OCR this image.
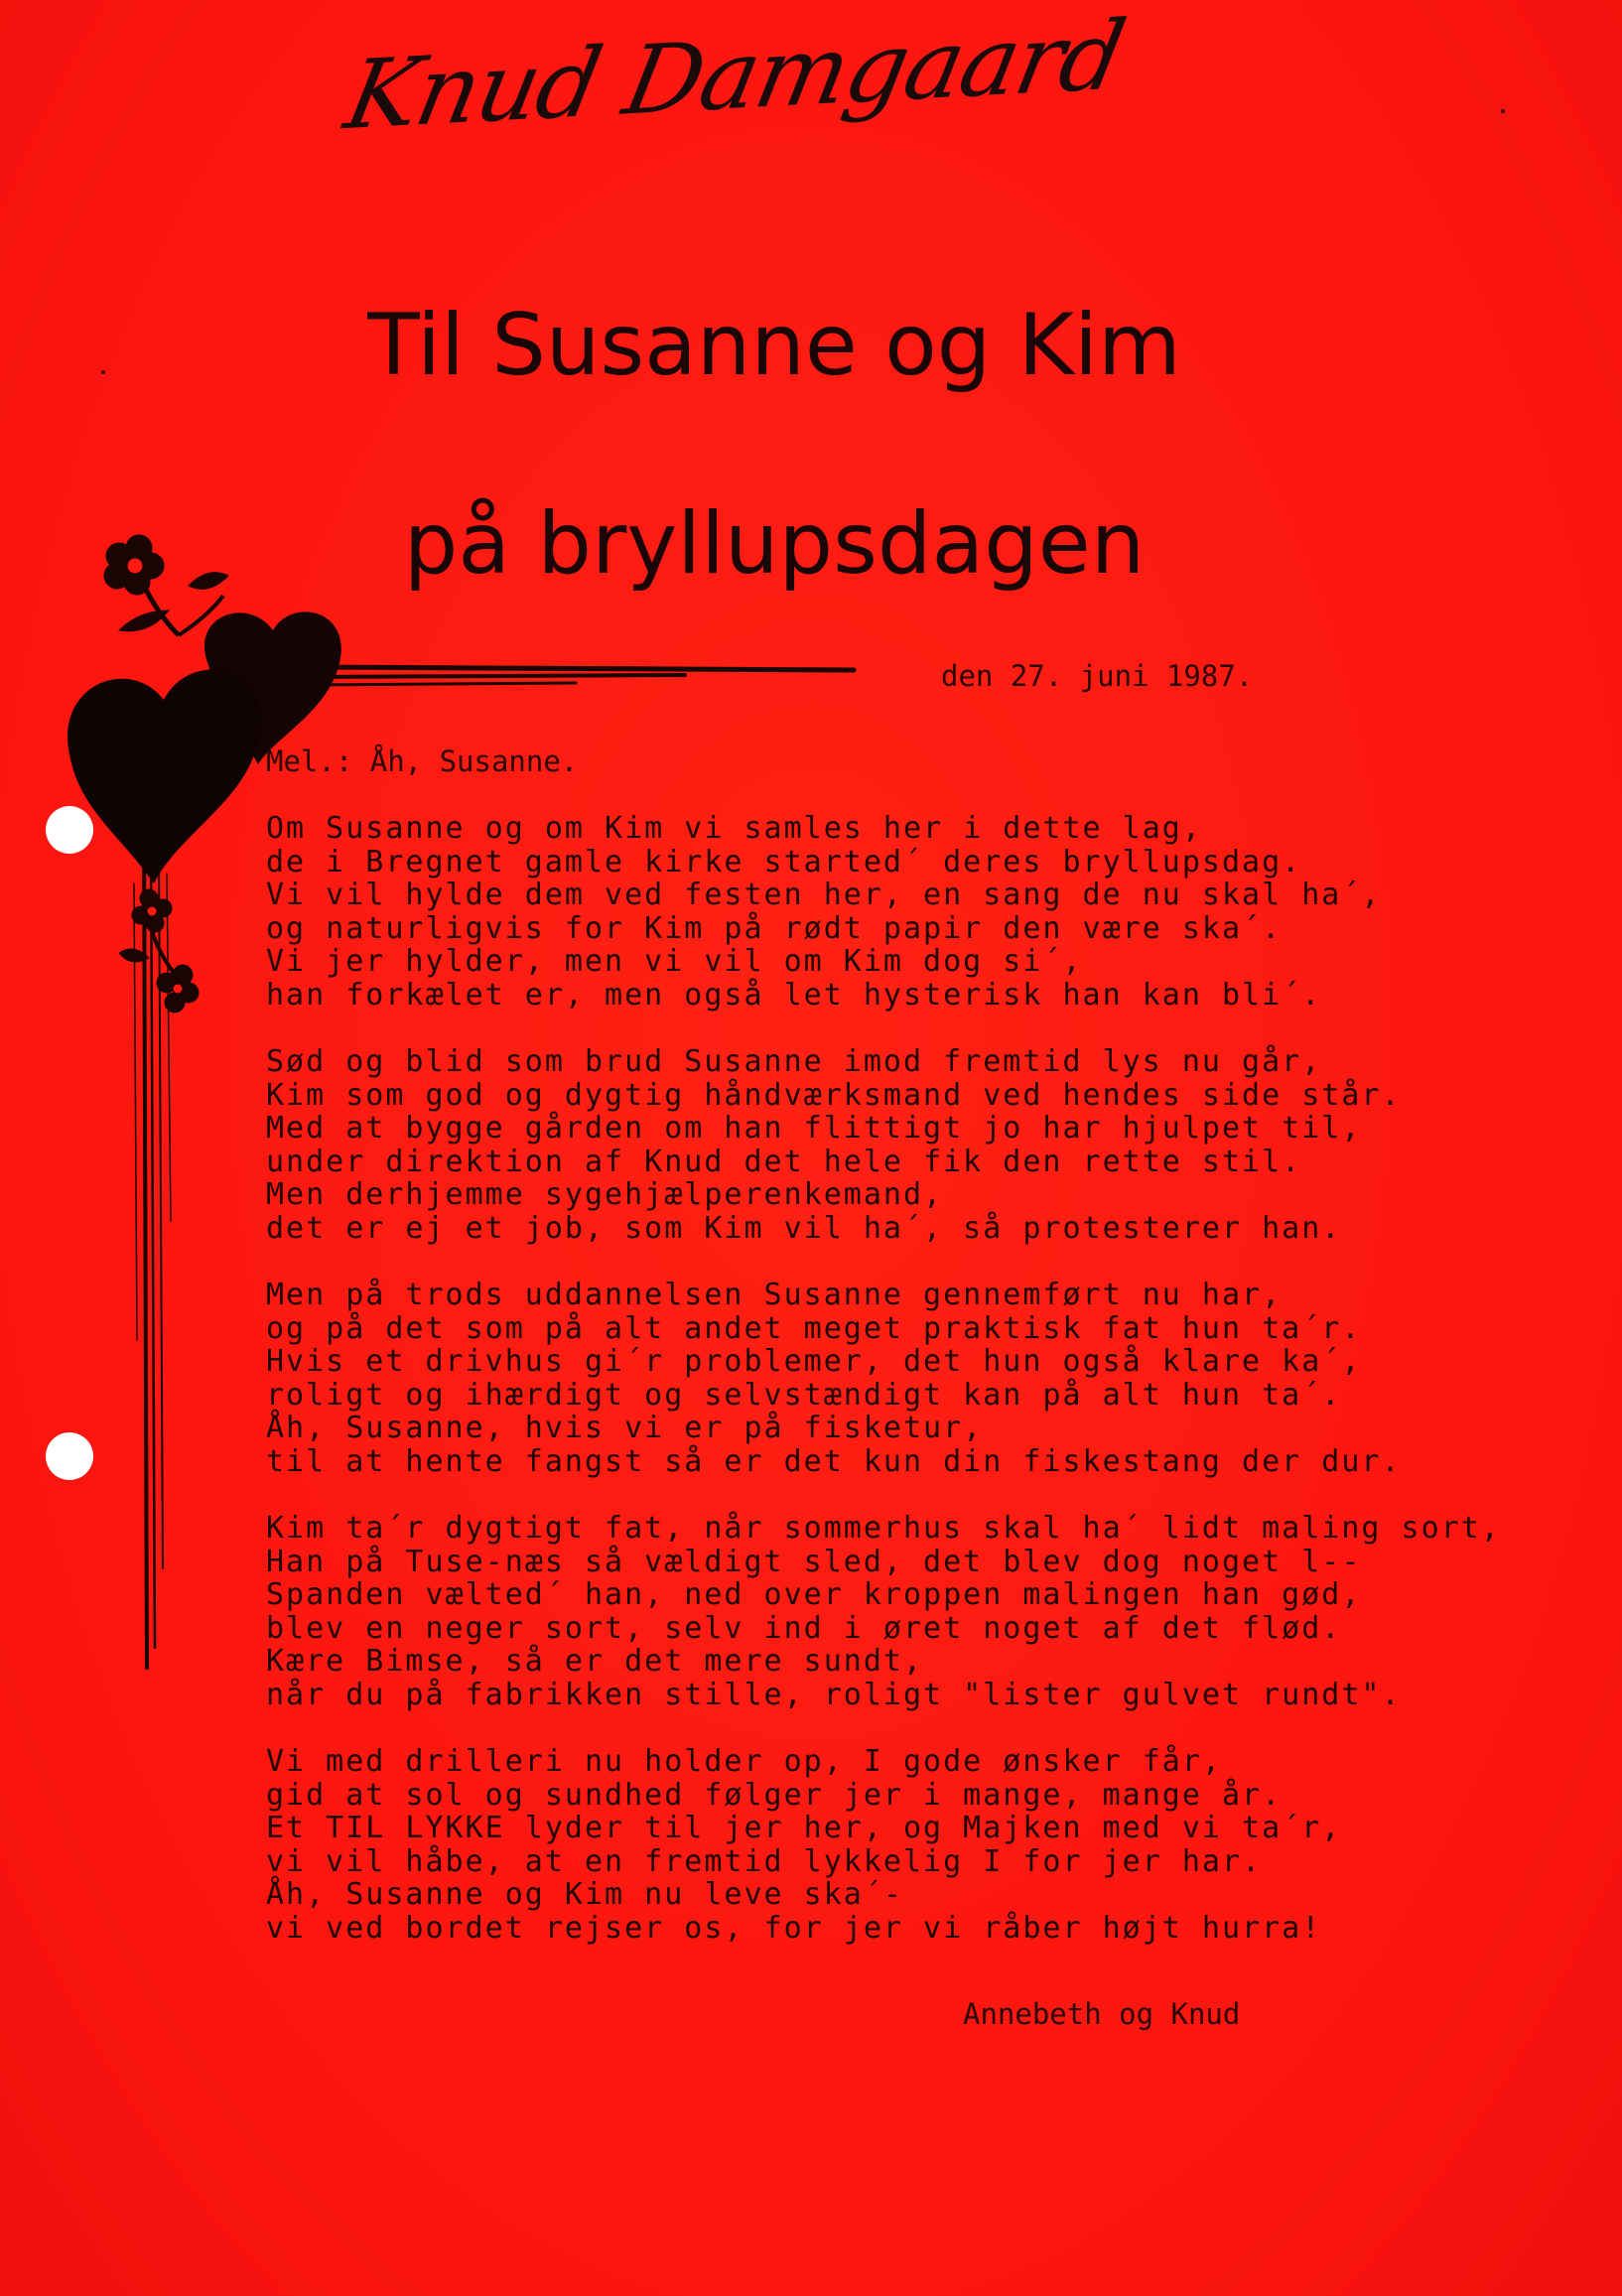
Knud Damgaard
Til Susanne og Kim
på bryllupsdagen
den 27. juni 1987.
Mel.: Åh, Susanne.
Om Susanne og om Kim vi samles her i dette lag,
de i Bregnet gamle kirke started´ deres bryllupsdag.
Vi vil hylde dem ved festen her, en sang de nu skal ha´,
og naturligvis for Kim på rødt papir den være ska´.
Vi jer hylder, men vi vil om Kim dog si´,
han forkælet er, men også let hysterisk han kan bli´.
Sød og blid som brud Susanne imod fremtid lys nu går,
Kim som god og dygtig håndværksmand ved hendes side står.
Med at bygge gården om han flittigt jo har hjulpet til,
under direktion af Knud det hele fik den rette stil.
Men derhjemme sygehjælperenkemand,
det er ej et job, som Kim vil ha´, så protesterer han.
Men på trods uddannelsen Susanne gennemført nu har,
og på det som på alt andet meget praktisk fat hun ta´r.
Hvis et drivhus gi´r problemer, det hun også klare ka´,
roligt og ihærdigt og selvstændigt kan på alt hun ta´.
Åh, Susanne, hvis vi er på fisketur,
til at hente fangst så er det kun din fiskestang der dur.
Kim ta´r dygtigt fat, når sommerhus skal ha´ lidt maling sort,
Han på Tuse-næs så vældigt sled, det blev dog noget l--
Spanden vælted´ han, ned over kroppen malingen han gød,
blev en neger sort, selv ind i øret noget af det flød.
Kære Bimse, så er det mere sundt,
når du på fabrikken stille, roligt "lister gulvet rundt".
Vi med drilleri nu holder op, I gode ønsker får,
gid at sol og sundhed følger jer i mange, mange år.
Et TIL LYKKE lyder til jer her, og Majken med vi ta´r,
vi vil håbe, at en fremtid lykkelig I for jer har.
Åh, Susanne og Kim nu leve ska´-
vi ved bordet rejser os, for jer vi råber højt hurra!
Annebeth og Knud
